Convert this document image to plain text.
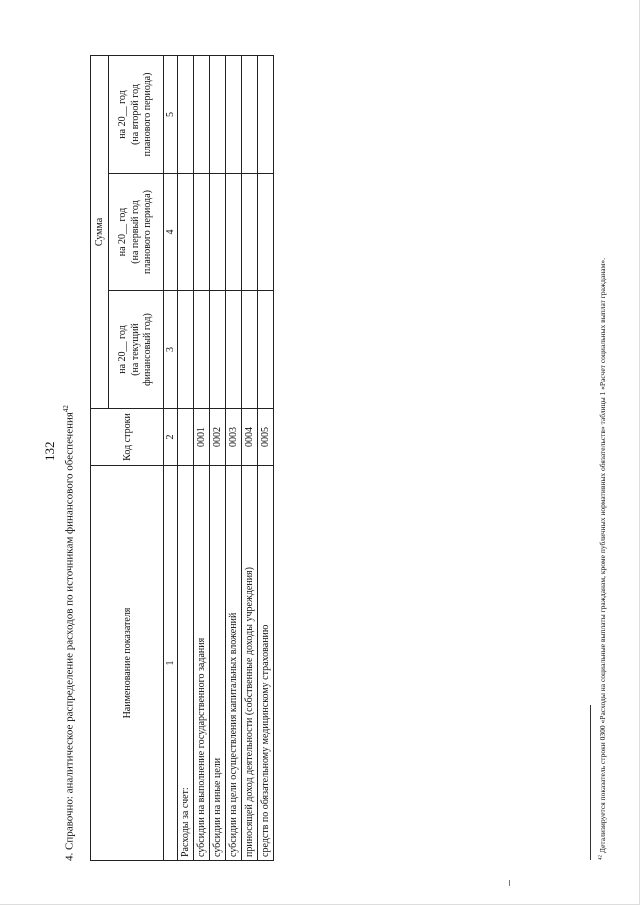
132 4. Справочно: аналитическое распределение расходов по источникам финансового обеспечения$^{42}$
Наименование показателя	Код строки	Сумма		
		на 20__ год (на текущий финансовый год)	на 20__ год (на первый год планового периода)	на 20__ год (на второй год планового периода)
1	2	3	4	5
Расходы за счет:				
субсидии на выполнение государственного задания	0001			
субсидии на иные цели	0002			
субсидии на цели осуществления капитальных вложений	0003			
приносящей доход деятельности (собственные доходы учреждения)	0004			
средств по обязательному медицинскому страхованию	0005			
$^{42}$ Детализируется показатель строки 0300 «Расходы на социальные выплаты гражданам, кроме публичных нормативных обязательств» таблицы 1 «Расчет социальных выплат гражданам».
